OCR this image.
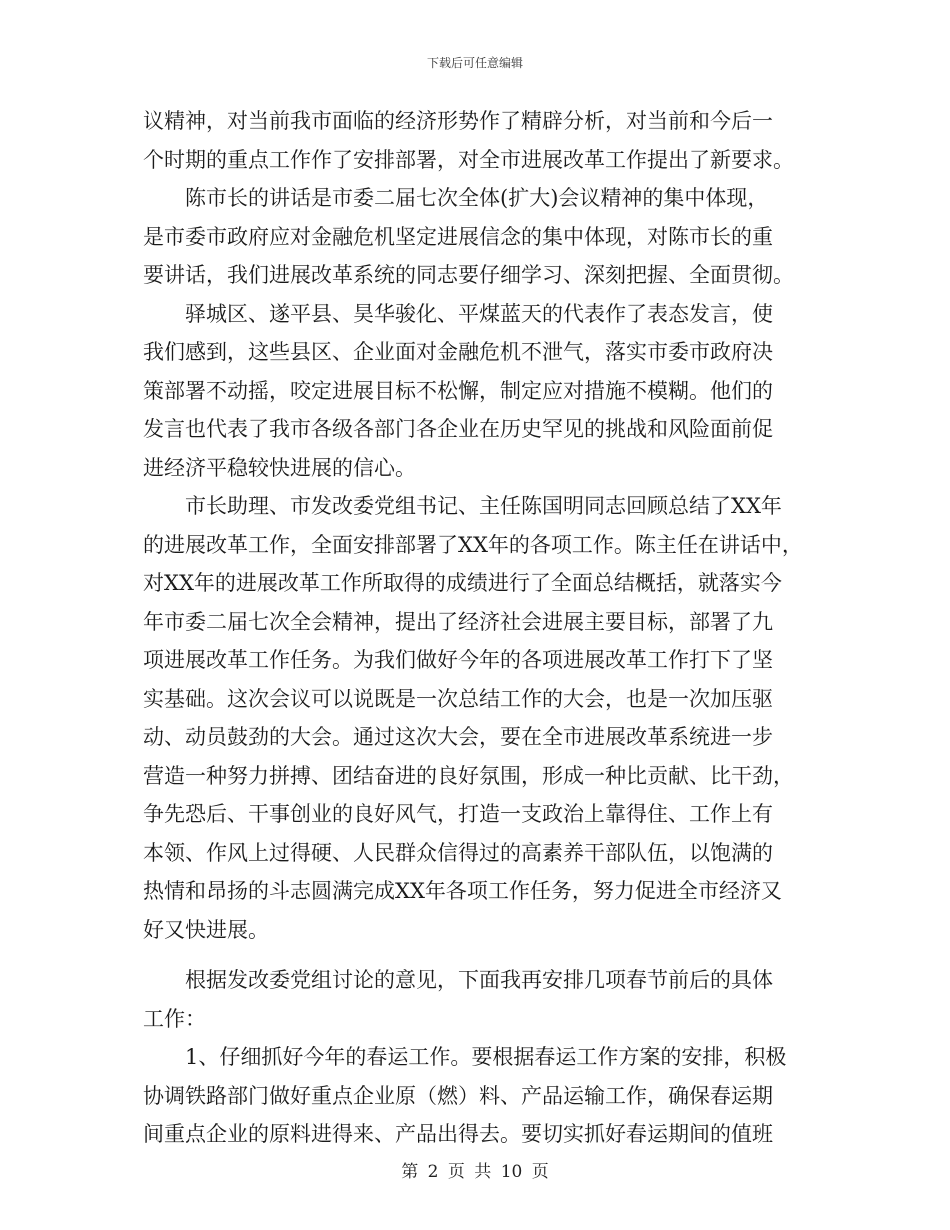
下载后可任意编辑
议精神，对当前我市面临的经济形势作了精辟分析，对当前和今后一
个时期的重点工作作了安排部署，对全市进展改革工作提出了新要求。
陈市长的讲话是市委二届七次全体(扩大)会议精神的集中体现，
是市委市政府应对金融危机坚定进展信念的集中体现，对陈市长的重
要讲话，我们进展改革系统的同志要仔细学习、深刻把握、全面贯彻。
驿城区、遂平县、昊华骏化、平煤蓝天的代表作了表态发言，使
我们感到，这些县区、企业面对金融危机不泄气，落实市委市政府决
策部署不动摇，咬定进展目标不松懈，制定应对措施不模糊。他们的
发言也代表了我市各级各部门各企业在历史罕见的挑战和风险面前促
进经济平稳较快进展的信心。
市长助理、市发改委党组书记、主任陈国明同志回顾总结了XX年
的进展改革工作，全面安排部署了XX年的各项工作。陈主任在讲话中，
对XX年的进展改革工作所取得的成绩进行了全面总结概括，就落实今
年市委二届七次全会精神，提出了经济社会进展主要目标，部署了九
项进展改革工作任务。为我们做好今年的各项进展改革工作打下了坚
实基础。这次会议可以说既是一次总结工作的大会，也是一次加压驱
动、动员鼓劲的大会。通过这次大会，要在全市进展改革系统进一步
营造一种努力拼搏、团结奋进的良好氛围，形成一种比贡献、比干劲，
争先恐后、干事创业的良好风气，打造一支政治上靠得住、工作上有
本领、作风上过得硬、人民群众信得过的高素养干部队伍，以饱满的
热情和昂扬的斗志圆满完成XX年各项工作任务，努力促进全市经济又
好又快进展。
根据发改委党组讨论的意见，下面我再安排几项春节前后的具体
工作：
1、仔细抓好今年的春运工作。要根据春运工作方案的安排，积极
协调铁路部门做好重点企业原（燃）料、产品运输工作，确保春运期
间重点企业的原料进得来、产品出得去。要切实抓好春运期间的值班
第 2 页 共 10 页
